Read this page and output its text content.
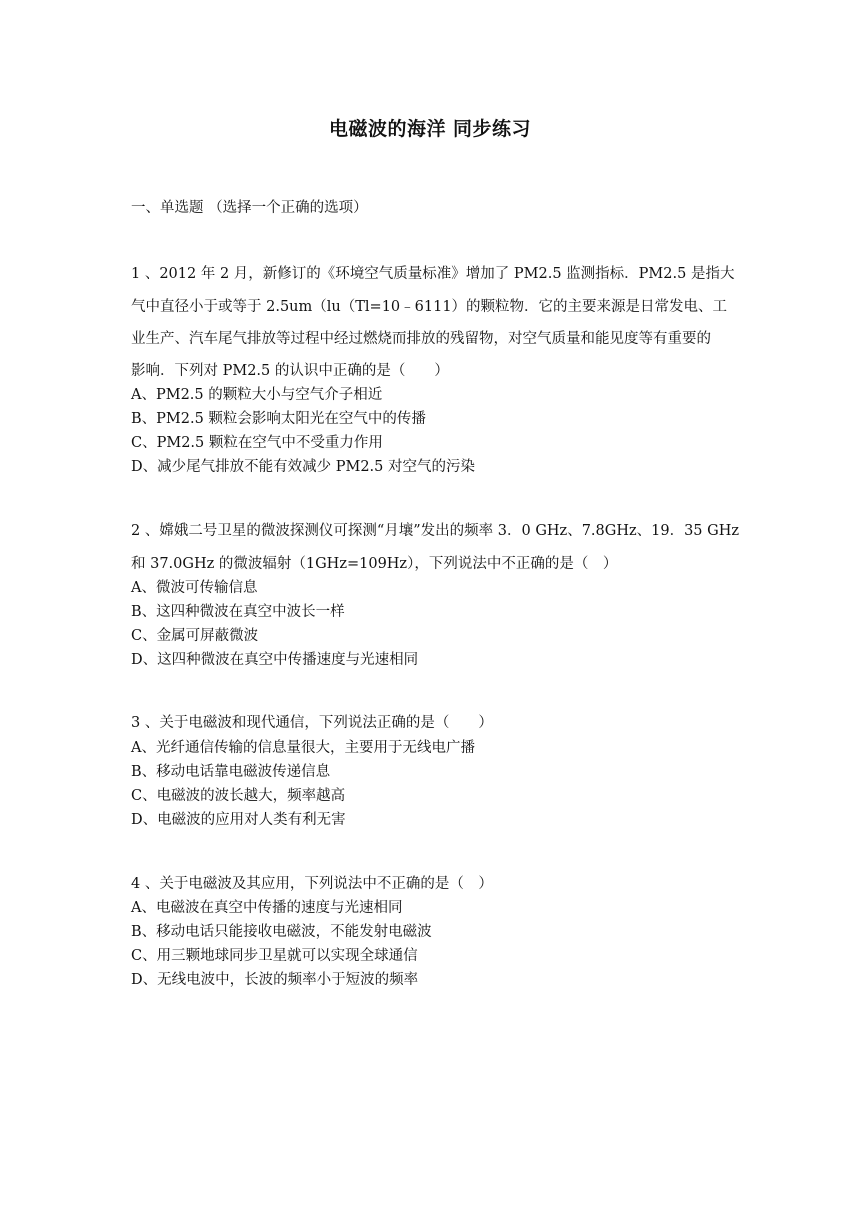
电磁波的海洋 同步练习
一、单选题 （选择一个正确的选项）
1 、2012 年 2 月，新修订的《环境空气质量标准》增加了 PM2.5 监测指标．PM2.5 是指大
气中直径小于或等于 2.5um（lu（Tl=10﹣6111）的颗粒物．它的主要来源是日常发电、工
业生产、汽车尾气排放等过程中经过燃烧而排放的残留物，对空气质量和能见度等有重要的
影响．下列对 PM2.5 的认识中正确的是（　　）
A、PM2.5 的颗粒大小与空气介子相近
B、PM2.5 颗粒会影响太阳光在空气中的传播
C、PM2.5 颗粒在空气中不受重力作用
D、减少尾气排放不能有效减少 PM2.5 对空气的污染
2 、嫦娥二号卫星的微波探测仪可探测“月壤”发出的频率 3．0 GHz、7.8GHz、19．35 GHz
和 37.0GHz 的微波辐射（1GHz=109Hz），下列说法中不正确的是（　）
A、微波可传输信息
B、这四种微波在真空中波长一样
C、金属可屏蔽微波
D、这四种微波在真空中传播速度与光速相同
3 、关于电磁波和现代通信，下列说法正确的是（　　）
A、光纤通信传输的信息量很大，主要用于无线电广播
B、移动电话靠电磁波传递信息
C、电磁波的波长越大，频率越高
D、电磁波的应用对人类有利无害
4 、关于电磁波及其应用，下列说法中不正确的是（　）
A、电磁波在真空中传播的速度与光速相同
B、移动电话只能接收电磁波，不能发射电磁波
C、用三颗地球同步卫星就可以实现全球通信
D、无线电波中，长波的频率小于短波的频率
